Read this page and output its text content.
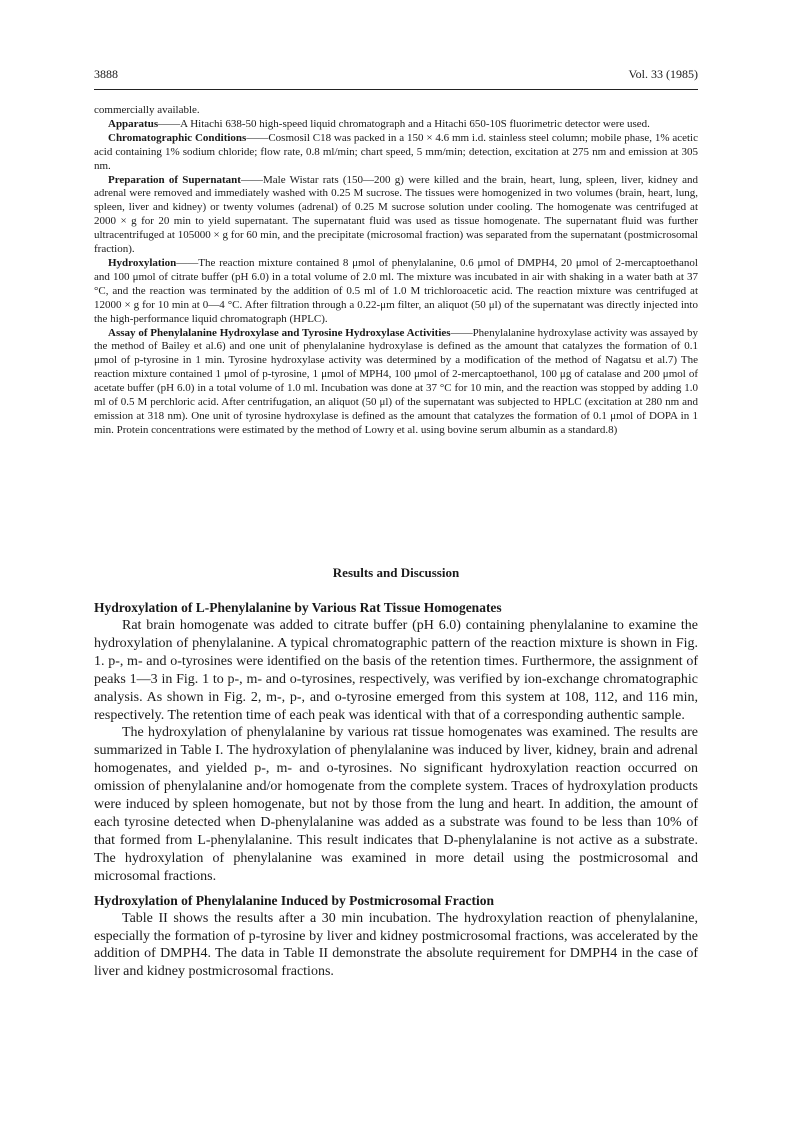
3888	Vol. 33 (1985)

commercially available.

Apparatus——A Hitachi 638-50 high-speed liquid chromatograph and a Hitachi 650-10S fluorimetric detector were used.

Chromatographic Conditions——Cosmosil C18 was packed in a 150 × 4.6 mm i.d. stainless steel column; mobile phase, 1% acetic acid containing 1% sodium chloride; flow rate, 0.8 ml/min; chart speed, 5 mm/min; detection, excitation at 275 nm and emission at 305 nm.

Preparation of Supernatant——Male Wistar rats (150—200 g) were killed and the brain, heart, lung, spleen, liver, kidney and adrenal were removed and immediately washed with 0.25 M sucrose. The tissues were homogenized in two volumes (brain, heart, lung, spleen, liver and kidney) or twenty volumes (adrenal) of 0.25 M sucrose solution under cooling. The homogenate was centrifuged at 2000 × g for 20 min to yield supernatant. The supernatant fluid was used as tissue homogenate. The supernatant fluid was further ultracentrifuged at 105000 × g for 60 min, and the precipitate (microsomal fraction) was separated from the supernatant (postmicrosomal fraction).

Hydroxylation——The reaction mixture contained 8 μmol of phenylalanine, 0.6 μmol of DMPH4, 20 μmol of 2-mercaptoethanol and 100 μmol of citrate buffer (pH 6.0) in a total volume of 2.0 ml. The mixture was incubated in air with shaking in a water bath at 37 °C, and the reaction was terminated by the addition of 0.5 ml of 1.0 M trichloroacetic acid. The reaction mixture was centrifuged at 12000 × g for 10 min at 0—4 °C. After filtration through a 0.22-μm filter, an aliquot (50 μl) of the supernatant was directly injected into the high-performance liquid chromatograph (HPLC).

Assay of Phenylalanine Hydroxylase and Tyrosine Hydroxylase Activities——Phenylalanine hydroxylase activity was assayed by the method of Bailey et al.6) and one unit of phenylalanine hydroxylase is defined as the amount that catalyzes the formation of 0.1 μmol of p-tyrosine in 1 min. Tyrosine hydroxylase activity was determined by a modification of the method of Nagatsu et al.7) The reaction mixture contained 1 μmol of p-tyrosine, 1 μmol of MPH4, 100 μmol of 2-mercaptoethanol, 100 μg of catalase and 200 μmol of acetate buffer (pH 6.0) in a total volume of 1.0 ml. Incubation was done at 37 °C for 10 min, and the reaction was stopped by adding 1.0 ml of 0.5 M perchloric acid. After centrifugation, an aliquot (50 μl) of the supernatant was subjected to HPLC (excitation at 280 nm and emission at 318 nm). One unit of tyrosine hydroxylase is defined as the amount that catalyzes the formation of 0.1 μmol of DOPA in 1 min. Protein concentrations were estimated by the method of Lowry et al. using bovine serum albumin as a standard.8)

Results and Discussion
Hydroxylation of L-Phenylalanine by Various Rat Tissue Homogenates

Rat brain homogenate was added to citrate buffer (pH 6.0) containing phenylalanine to examine the hydroxylation of phenylalanine. A typical chromatographic pattern of the reaction mixture is shown in Fig. 1. p-, m- and o-tyrosines were identified on the basis of the retention times. Furthermore, the assignment of peaks 1—3 in Fig. 1 to p-, m- and o-tyrosines, respectively, was verified by ion-exchange chromatographic analysis. As shown in Fig. 2, m-, p-, and o-tyrosine emerged from this system at 108, 112, and 116 min, respectively. The retention time of each peak was identical with that of a corresponding authentic sample.

The hydroxylation of phenylalanine by various rat tissue homogenates was examined. The results are summarized in Table I. The hydroxylation of phenylalanine was induced by liver, kidney, brain and adrenal homogenates, and yielded p-, m- and o-tyrosines. No significant hydroxylation reaction occurred on omission of phenylalanine and/or homogenate from the complete system. Traces of hydroxylation products were induced by spleen homogenate, but not by those from the lung and heart. In addition, the amount of each tyrosine detected when D-phenylalanine was added as a substrate was found to be less than 10% of that formed from L-phenylalanine. This result indicates that D-phenylalanine is not active as a substrate. The hydroxylation of phenylalanine was examined in more detail using the postmicrosomal and microsomal fractions.

Hydroxylation of Phenylalanine Induced by Postmicrosomal Fraction

Table II shows the results after a 30 min incubation. The hydroxylation reaction of phenylalanine, especially the formation of p-tyrosine by liver and kidney postmicrosomal fractions, was accelerated by the addition of DMPH4. The data in Table II demonstrate the absolute requirement for DMPH4 in the case of liver and kidney postmicrosomal fractions.
